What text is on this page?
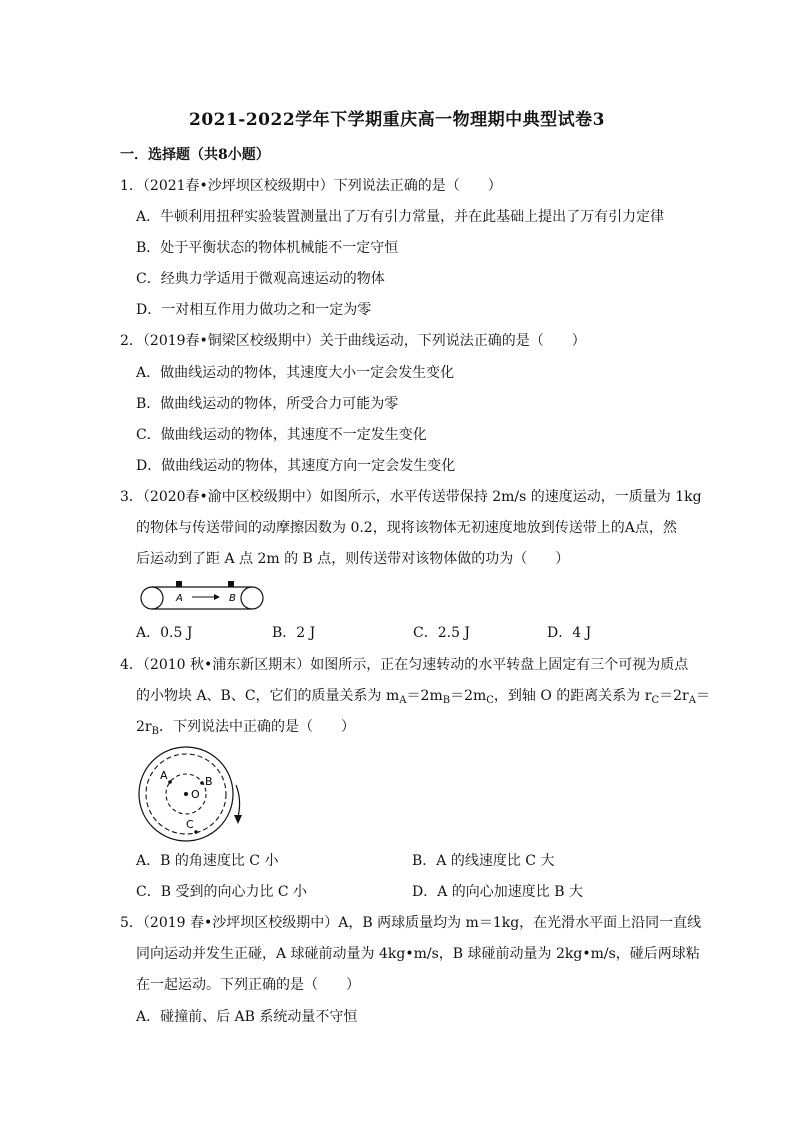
2021-2022学年下学期重庆高一物理期中典型试卷3
一．选择题（共8小题）
1．（2021春•沙坪坝区校级期中）下列说法正确的是（　　）
A．牛顿利用扭秤实验装置测量出了万有引力常量，并在此基础上提出了万有引力定律
B．处于平衡状态的物体机械能不一定守恒
C．经典力学适用于微观高速运动的物体
D．一对相互作用力做功之和一定为零
2．（2019春•铜梁区校级期中）关于曲线运动，下列说法正确的是（　　）
A．做曲线运动的物体，其速度大小一定会发生变化
B．做曲线运动的物体，所受合力可能为零
C．做曲线运动的物体，其速度不一定发生变化
D．做曲线运动的物体，其速度方向一定会发生变化
3．（2020春•渝中区校级期中）如图所示，水平传送带保持 2m/s 的速度运动，一质量为 1kg
的物体与传送带间的动摩擦因数为 0.2，现将该物体无初速度地放到传送带上的A点，然
后运动到了距 A 点 2m 的 B 点，则传送带对该物体做的功为（　　）
A	B
A．0.5 J	B．2 J	C．2.5 J	D．4 J
4．（2010 秋•浦东新区期末）如图所示，正在匀速转动的水平转盘上固定有三个可视为质点
的小物块 A、B、C，它们的质量关系为 $m_A=2m_B=2m_C$，到轴 O 的距离关系为 $r_C=2r_A=$
$2r_B$．下列说法中正确的是（　　）
O
A	B
C
A．B 的角速度比 C 小	B．A 的线速度比 C 大
C．B 受到的向心力比 C 小	D．A 的向心加速度比 B 大
5．（2019 春•沙坪坝区校级期中）A，B 两球质量均为 m＝1kg，在光滑水平面上沿同一直线
同向运动并发生正碰，A 球碰前动量为 4kg•m/s，B 球碰前动量为 2kg•m/s，碰后两球粘
在一起运动。下列正确的是（　　）
A．碰撞前、后 AB 系统动量不守恒
